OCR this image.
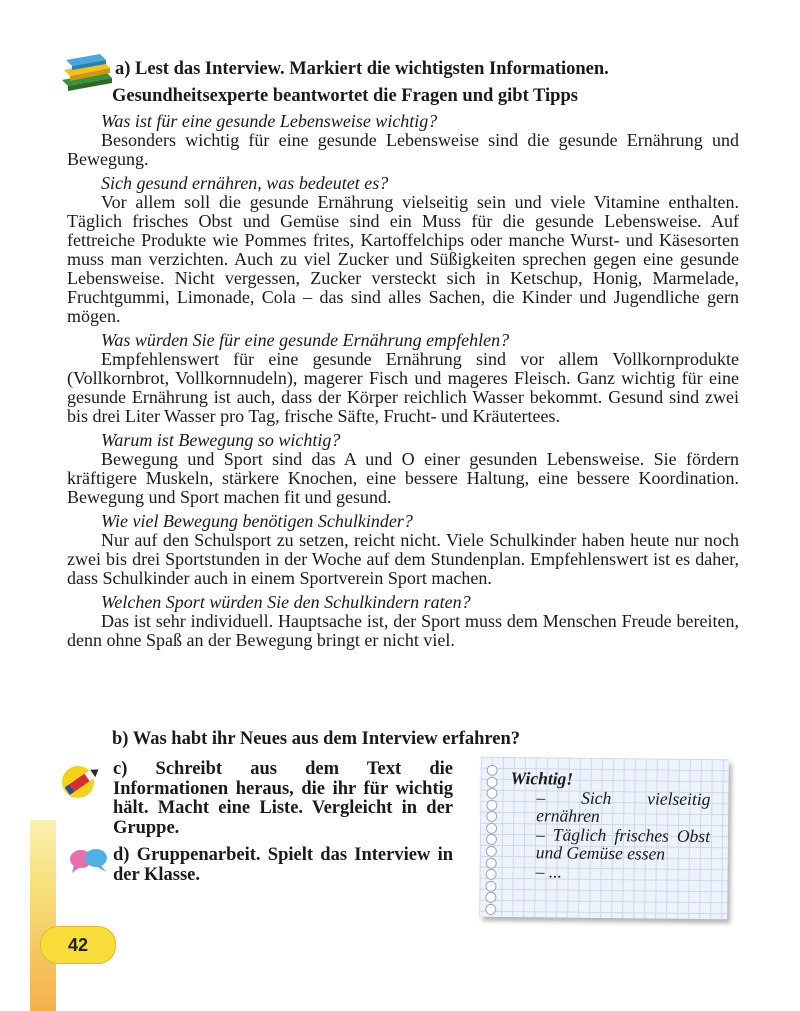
42
a) Lest das Interview. Markiert die wichtigsten Informationen.
Gesundheitsexperte beantwortet die Fragen und gibt Tipps
Was ist für eine gesunde Lebensweise wichtig?
Besonders wichtig für eine gesunde Lebensweise sind die gesunde Ernährung und Bewegung.
Sich gesund ernähren, was bedeutet es?
Vor allem soll die gesunde Ernährung vielseitig sein und viele Vitamine enthalten. Täglich frisches Obst und Gemüse sind ein Muss für die gesunde Lebensweise. Auf fettreiche Produkte wie Pommes frites, Kartoffelchips oder manche Wurst- und Käsesorten muss man verzichten. Auch zu viel Zucker und Süßigkeiten sprechen gegen eine gesunde Lebensweise. Nicht vergessen, Zucker versteckt sich in Ketschup, Honig, Marmelade, Fruchtgummi, Limonade, Cola – das sind alles Sachen, die Kinder und Jugendliche gern mögen.
Was würden Sie für eine gesunde Ernährung empfehlen?
Empfehlenswert für eine gesunde Ernährung sind vor allem Vollkornprodukte (Vollkornbrot, Vollkornnudeln), magerer Fisch und mageres Fleisch. Ganz wichtig für eine gesunde Ernährung ist auch, dass der Körper reichlich Wasser bekommt. Gesund sind zwei bis drei Liter Wasser pro Tag, frische Säfte, Frucht- und Kräutertees.
Warum ist Bewegung so wichtig?
Bewegung und Sport sind das A und O einer gesunden Lebensweise. Sie fördern kräftigere Muskeln, stärkere Knochen, eine bessere Haltung, eine bessere Koordination. Bewegung und Sport machen fit und gesund.
Wie viel Bewegung benötigen Schulkinder?
Nur auf den Schulsport zu setzen, reicht nicht. Viele Schulkinder haben heute nur noch zwei bis drei Sportstunden in der Woche auf dem Stundenplan. Empfehlenswert ist es daher, dass Schulkinder auch in einem Sportverein Sport machen.
Welchen Sport würden Sie den Schulkindern raten?
Das ist sehr individuell. Hauptsache ist, der Sport muss dem Menschen Freude bereiten, denn ohne Spaß an der Bewegung bringt er nicht viel.
b) Was habt ihr Neues aus dem Interview erfahren?
c) Schreibt aus dem Text die Informationen heraus, die ihr für wichtig hält. Macht eine Liste. Vergleicht in der Gruppe.
d) Gruppenarbeit. Spielt das Interview in der Klasse.
Wichtig!
– Sich vielseitig ernähren
– Täglich frisches Obst und Gemüse essen
– ...
